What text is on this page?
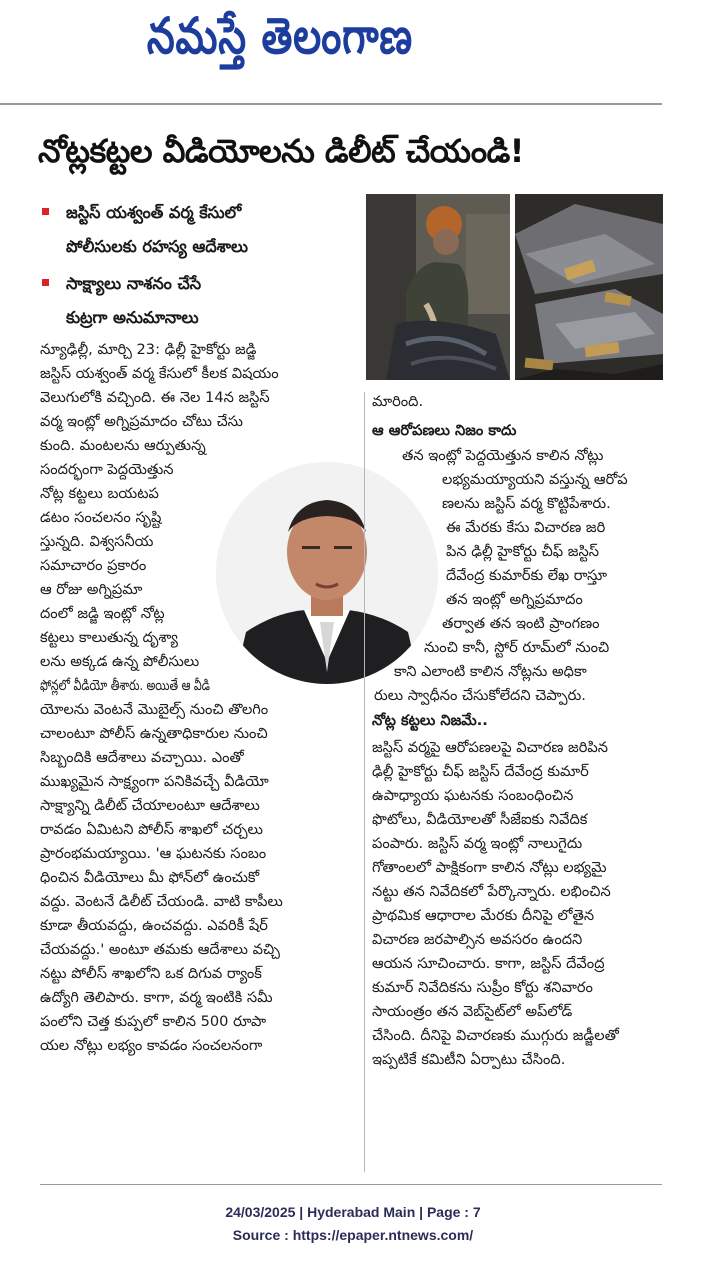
నమస్తే తెలంగాణ
నోట్లకట్టల వీడియోలను డిలీట్ చేయండి!
జస్టిస్ యశ్వంత్ వర్మ కేసులో
పోలీసులకు రహస్య ఆదేశాలు
సాక్ష్యాలు నాశనం చేసే
కుట్రగా అనుమానాలు
న్యూఢిల్లీ, మార్చి 23: ఢిల్లీ హైకోర్టు జడ్జి
జస్టిస్ యశ్వంత్ వర్మ కేసులో కీలక విషయం
వెలుగులోకి వచ్చింది. ఈ నెల 14న జస్టిస్
వర్మ ఇంట్లో అగ్నిప్రమాదం చోటు చేసు
కుంది. మంటలను ఆర్పుతున్న
సందర్భంగా పెద్దయెత్తున
నోట్ల కట్టలు బయటప
డటం సంచలనం సృష్టి
స్తున్నది. విశ్వసనీయ
సమాచారం ప్రకారం
ఆ రోజు అగ్నిప్రమా
దంలో జడ్జి ఇంట్లో నోట్ల
కట్టలు కాలుతున్న దృశ్యా
లను అక్కడ ఉన్న పోలీసులు
ఫోన్లలో వీడియో తీశారు. అయితే ఆ వీడి
యోలను వెంటనే మొబైల్స్ నుంచి తొలగిం
చాలంటూ పోలీస్ ఉన్నతాధికారుల నుంచి
సిబ్బందికి ఆదేశాలు వచ్చాయి. ఎంతో
ముఖ్యమైన సాక్ష్యంగా పనికివచ్చే వీడియో
సాక్ష్యాన్ని డిలీట్ చేయాలంటూ ఆదేశాలు
రావడం ఏమిటని పోలీస్ శాఖలో చర్చలు
ప్రారంభమయ్యాయి. 'ఆ ఘటనకు సంబం
ధించిన వీడియోలు మీ ఫోన్‌లో ఉంచుకో
వద్దు. వెంటనే డిలీట్ చేయండి. వాటి కాపీలు
కూడా తీయవద్దు, ఉంచవద్దు. ఎవరికీ షేర్
చేయవద్దు.' అంటూ తమకు ఆదేశాలు వచ్చి
నట్టు పోలీస్ శాఖలోని ఒక దిగువ ర్యాంక్
ఉద్యోగి తెలిపారు. కాగా, వర్మ ఇంటికి సమీ
పంలోని చెత్త కుప్పలో కాలిన 500 రూపా
యల నోట్లు లభ్యం కావడం సంచలనంగా
మారింది.
ఆ ఆరోపణలు నిజం కాదు
తన ఇంట్లో పెద్దయెత్తున కాలిన నోట్లు
లభ్యమయ్యాయని వస్తున్న ఆరోప
ణలను జస్టిస్ వర్మ కొట్టిపేశారు.
ఈ మేరకు కేసు విచారణ జరి
పిన ఢిల్లీ హైకోర్టు చీఫ్ జస్టిస్
దేవేంద్ర కుమార్‌కు లేఖ రాస్తూ
తన ఇంట్లో అగ్నిప్రమాదం
తర్వాత తన ఇంటి ప్రాంగణం
నుంచి కానీ, స్టోర్ రూమ్‌లో నుంచి
కాని ఎలాంటి కాలిన నోట్లను అధికా
రులు స్వాధీనం చేసుకోలేదని చెప్పారు.
నోట్ల కట్టలు నిజమే..
జస్టిస్ వర్మపై ఆరోపణలపై విచారణ జరిపిన
ఢిల్లీ హైకోర్టు చీఫ్ జస్టిస్ దేవేంద్ర కుమార్
ఉపాధ్యాయ ఘటనకు సంబంధించిన
ఫొటోలు, వీడియోలతో సీజేఐకు నివేదిక
పంపారు. జస్టిస్ వర్మ ఇంట్లో నాలుగైదు
గోతాంలలో పాక్షికంగా కాలిన నోట్లు లభ్యమై
నట్టు తన నివేదికలో పేర్కొన్నారు. లభించిన
ప్రాథమిక ఆధారాల మేరకు దీనిపై లోతైన
విచారణ జరపాల్సిన అవసరం ఉందని
ఆయన సూచించారు. కాగా, జస్టిస్ దేవేంద్ర
కుమార్ నివేదికను సుప్రీం కోర్టు శనివారం
సాయంత్రం తన వెబ్‌సైట్‌లో అప్‌లోడ్
చేసింది. దీనిపై విచారణకు ముగ్గురు జడ్జీలతో
ఇప్పటికే కమిటీని ఏర్పాటు చేసింది.
24/03/2025 | Hyderabad Main | Page : 7
Source : https://epaper.ntnews.com/
